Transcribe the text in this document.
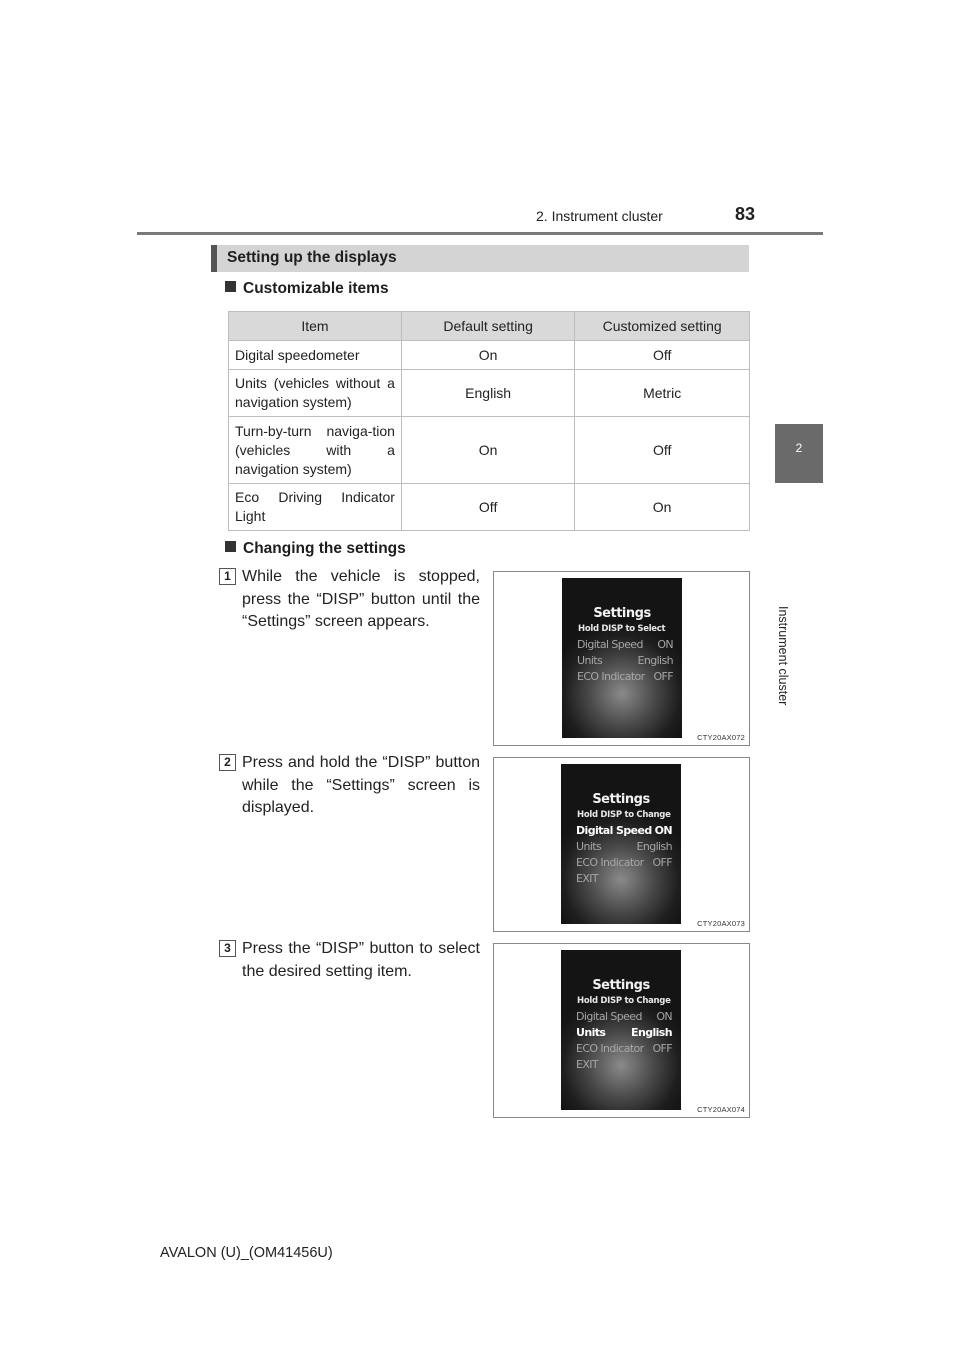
2. Instrument cluster	83
2
Instrument cluster
Setting up the displays
Customizable items
Item	Default setting	Customized setting
Digital speedometer	On	Off
Units (vehicles without a navigation system)	English	Metric
Turn-by-turn naviga-tion (vehicles with a navigation system)	On	Off
Eco Driving Indicator Light	Off	On
Changing the settings
1 While the vehicle is stopped, press the “DISP” button until the “Settings” screen appears.	Settings
Hold DISP to Select
Digital Speed ON
Units	English
ECO Indicator OFF
CTY20AX072
2 Press and hold the “DISP” button while the “Settings” screen is displayed.	Settings
Hold DISP to Change
Digital Speed ON
Units	English
ECO Indicator OFF
EXIT
CTY20AX073
3 Press the “DISP” button to select the desired setting item.
Settings
Hold DISP to Change
Digital Speed ON
Units English
ECO Indicator OFF
EXIT
CTY20AX074
AVALON (U)_(OM41456U)
